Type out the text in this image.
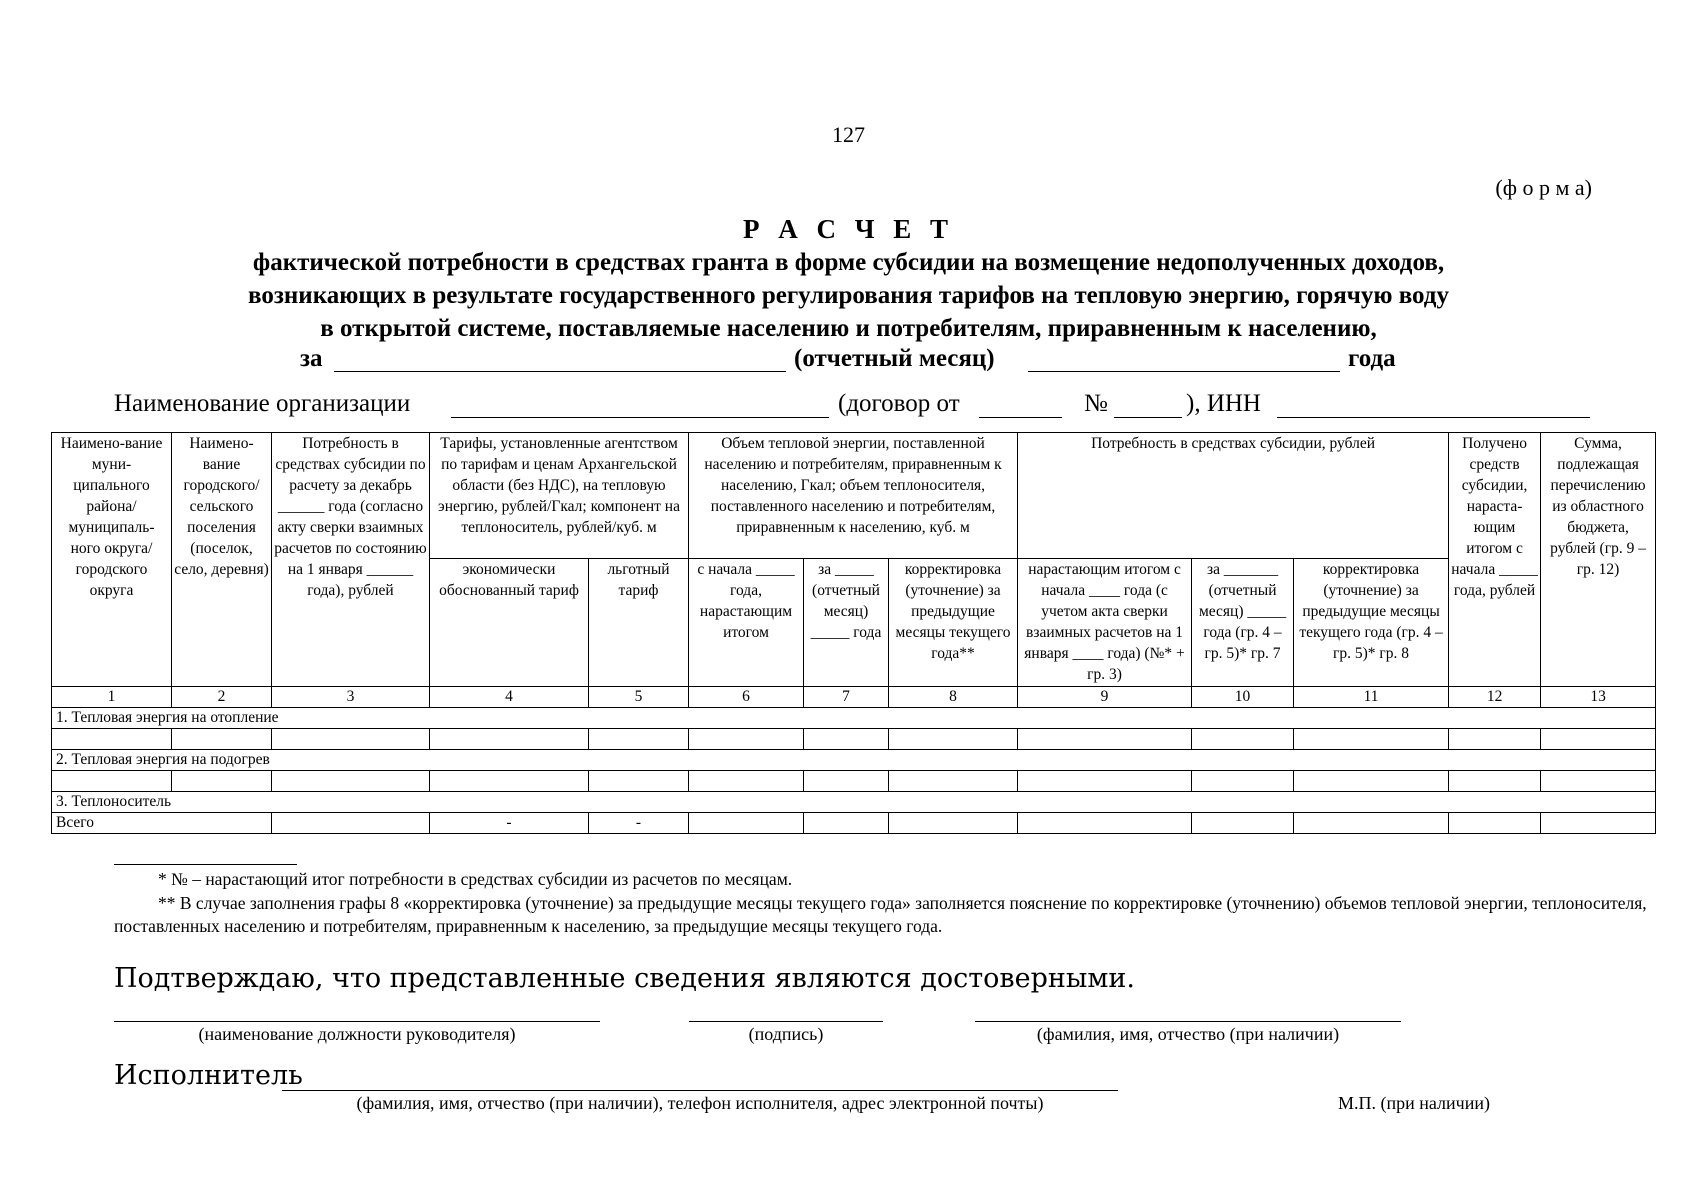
127
(ф о р м а)
Р А С Ч Е Т
фактической потребности в средствах гранта в форме субсидии на возмещение недополученных доходов,
возникающих в результате государственного регулирования тарифов на тепловую энергию, горячую воду
в открытой системе, поставляемые населению и потребителям, приравненным к населению,
за	(отчетный месяц)	года
Наименование организации	(договор от	№	), ИНН
Наимено-вание муни-ципального района/ муниципаль-ного округа/ городского округа	Наимено-вание городского/ сельского поселения (поселок, село, деревня)	Потребность в средствах субсидии по расчету за декабрь ______ года (согласно акту сверки взаимных расчетов по состоянию на 1 января ______ года), рублей	Тарифы, установленные агентством по тарифам и ценам Архангельской области (без НДС), на тепловую энергию, рублей/Гкал; компонент на теплоноситель, рублей/куб. м		Объем тепловой энергии, поставленной населению и потребителям, приравненным к населению, Гкал; объем теплоносителя, поставленного населению и потребителям, приравненным к населению, куб. м			Потребность в средствах субсидии, рублей			Получено средств субсидии, нараста-ющим итогом с начала _____ года, рублей	Сумма, подлежащая перечислению из областного бюджета, рублей (гр. 9 – гр. 12)
			экономически обоснованный тариф	льготный тариф	с начала _____ года, нарастающим итогом	за _____ (отчетный месяц) _____ года	корректировка (уточнение) за предыдущие месяцы текущего года**	нарастающим итогом с начала ____ года (с учетом акта сверки взаимных расчетов на 1 января ____ года) (№* + гр. 3)	за _______ (отчетный месяц) _____ года (гр. 4 – гр. 5)* гр. 7	корректировка (уточнение) за предыдущие месяцы текущего года (гр. 4 – гр. 5)* гр. 8		
1	2	3	4	5	6	7	8	9	10	11	12	13
1. Тепловая энергия на отопление												

2. Тепловая энергия на подогрев												

3. Теплоноситель												
Всего			-	-								
* № – нарастающий итог потребности в средствах субсидии из расчетов по месяцам.
** В случае заполнения графы 8 «корректировка (уточнение) за предыдущие месяцы текущего года» заполняется пояснение по корректировке (уточнению) объемов тепловой энергии, теплоносителя, поставленных населению и потребителям, приравненным к населению, за предыдущие месяцы текущего года.
Подтверждаю, что представленные сведения являются достоверными.
(наименование должности руководителя)	(подпись)	(фамилия, имя, отчество (при наличии)
Исполнитель
(фамилия, имя, отчество (при наличии), телефон исполнителя, адрес электронной почты)	М.П. (при наличии)
